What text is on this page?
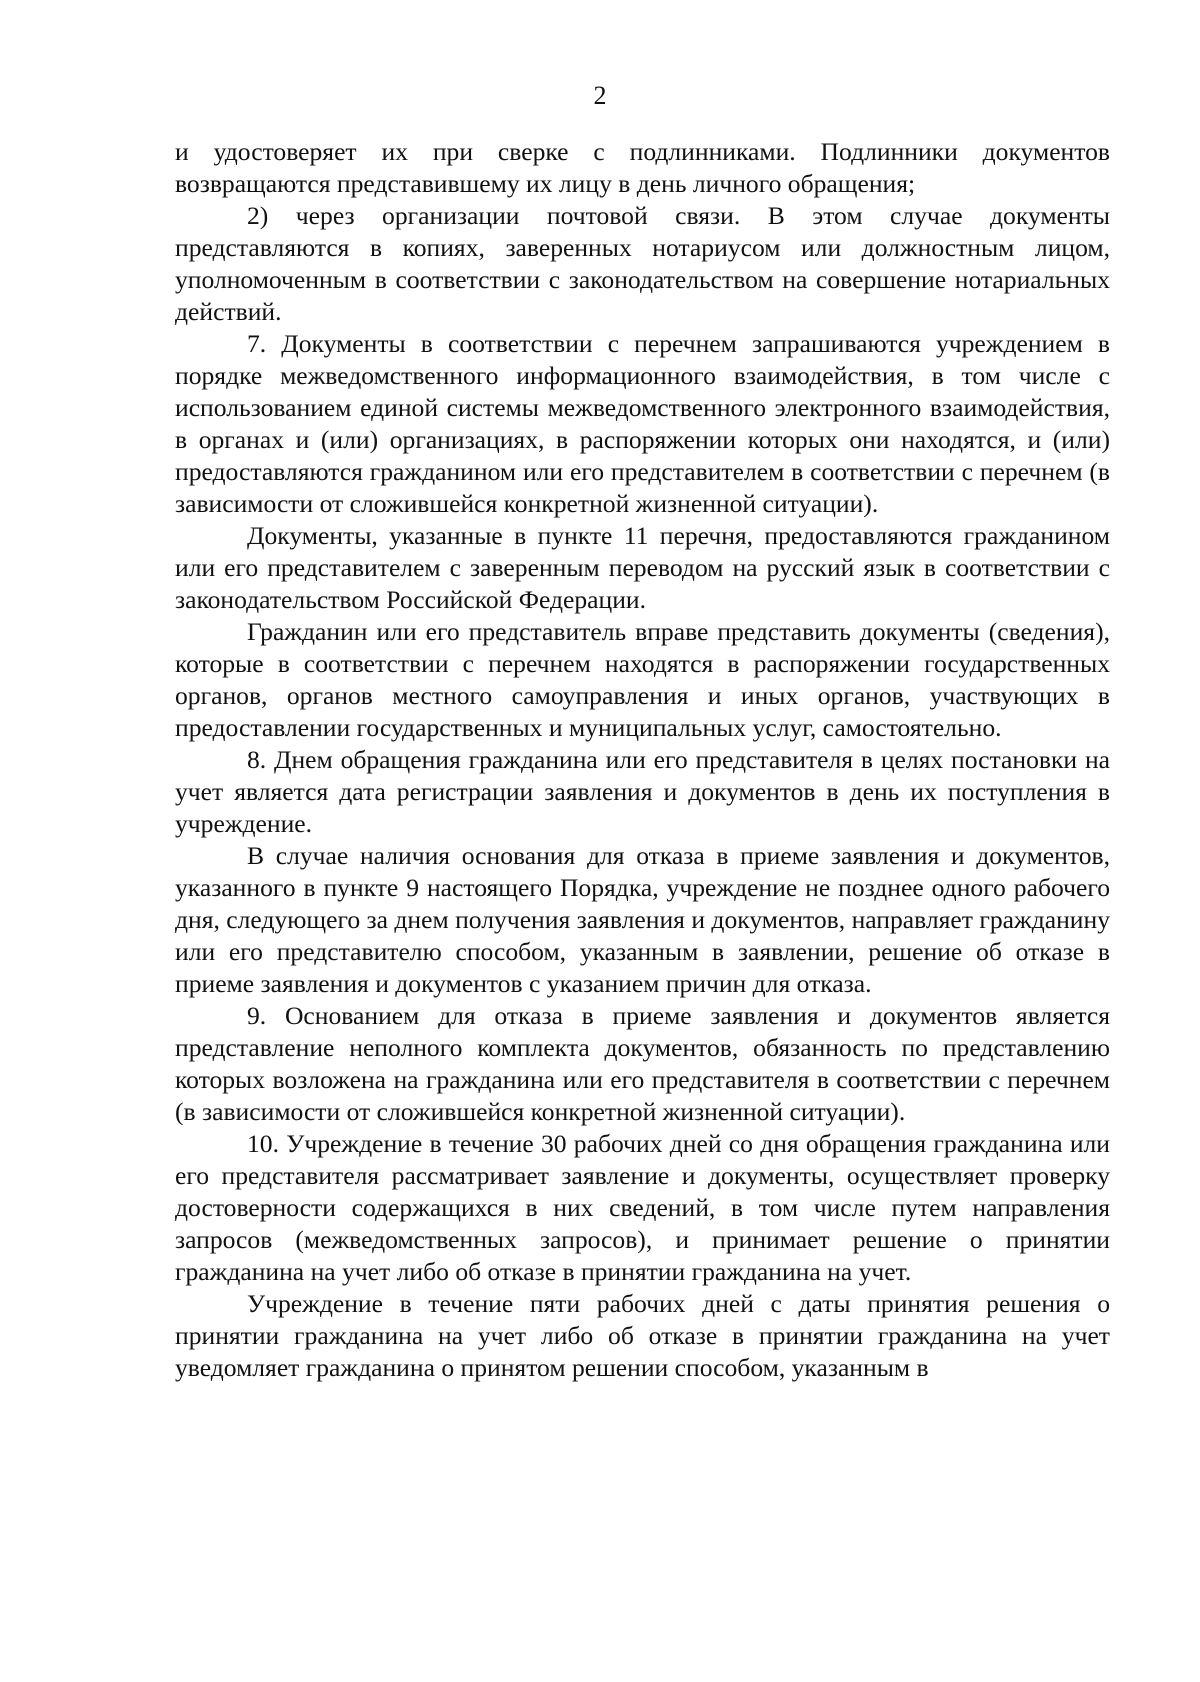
2

и удостоверяет их при сверке с подлинниками. Подлинники документов возвращаются представившему их лицу в день личного обращения;

2) через организации почтовой связи. В этом случае документы представляются в копиях, заверенных нотариусом или должностным лицом, уполномоченным в соответствии с законодательством на совершение нотариальных действий.

7. Документы в соответствии с перечнем запрашиваются учреждением в порядке межведомственного информационного взаимодействия, в том числе с использованием единой системы межведомственного электронного взаимодействия, в органах и (или) организациях, в распоряжении которых они находятся, и (или) предоставляются гражданином или его представителем в соответствии с перечнем (в зависимости от сложившейся конкретной жизненной ситуации).

Документы, указанные в пункте 11 перечня, предоставляются гражданином или его представителем с заверенным переводом на русский язык в соответствии с законодательством Российской Федерации.

Гражданин или его представитель вправе представить документы (сведения), которые в соответствии с перечнем находятся в распоряжении государственных органов, органов местного самоуправления и иных органов, участвующих в предоставлении государственных и муниципальных услуг, самостоятельно.

8. Днем обращения гражданина или его представителя в целях постановки на учет является дата регистрации заявления и документов в день их поступления в учреждение.

В случае наличия основания для отказа в приеме заявления и документов, указанного в пункте 9 настоящего Порядка, учреждение не позднее одного рабочего дня, следующего за днем получения заявления и документов, направляет гражданину или его представителю способом, указанным в заявлении, решение об отказе в приеме заявления и документов с указанием причин для отказа.

9. Основанием для отказа в приеме заявления и документов является представление неполного комплекта документов, обязанность по представлению которых возложена на гражданина или его представителя в соответствии с перечнем (в зависимости от сложившейся конкретной жизненной ситуации).

10. Учреждение в течение 30 рабочих дней со дня обращения гражданина или его представителя рассматривает заявление и документы, осуществляет проверку достоверности содержащихся в них сведений, в том числе путем направления запросов (межведомственных запросов), и принимает решение о принятии гражданина на учет либо об отказе в принятии гражданина на учет.

Учреждение в течение пяти рабочих дней с даты принятия решения о принятии гражданина на учет либо об отказе в принятии гражданина на учет уведомляет гражданина о принятом решении способом, указанным в
